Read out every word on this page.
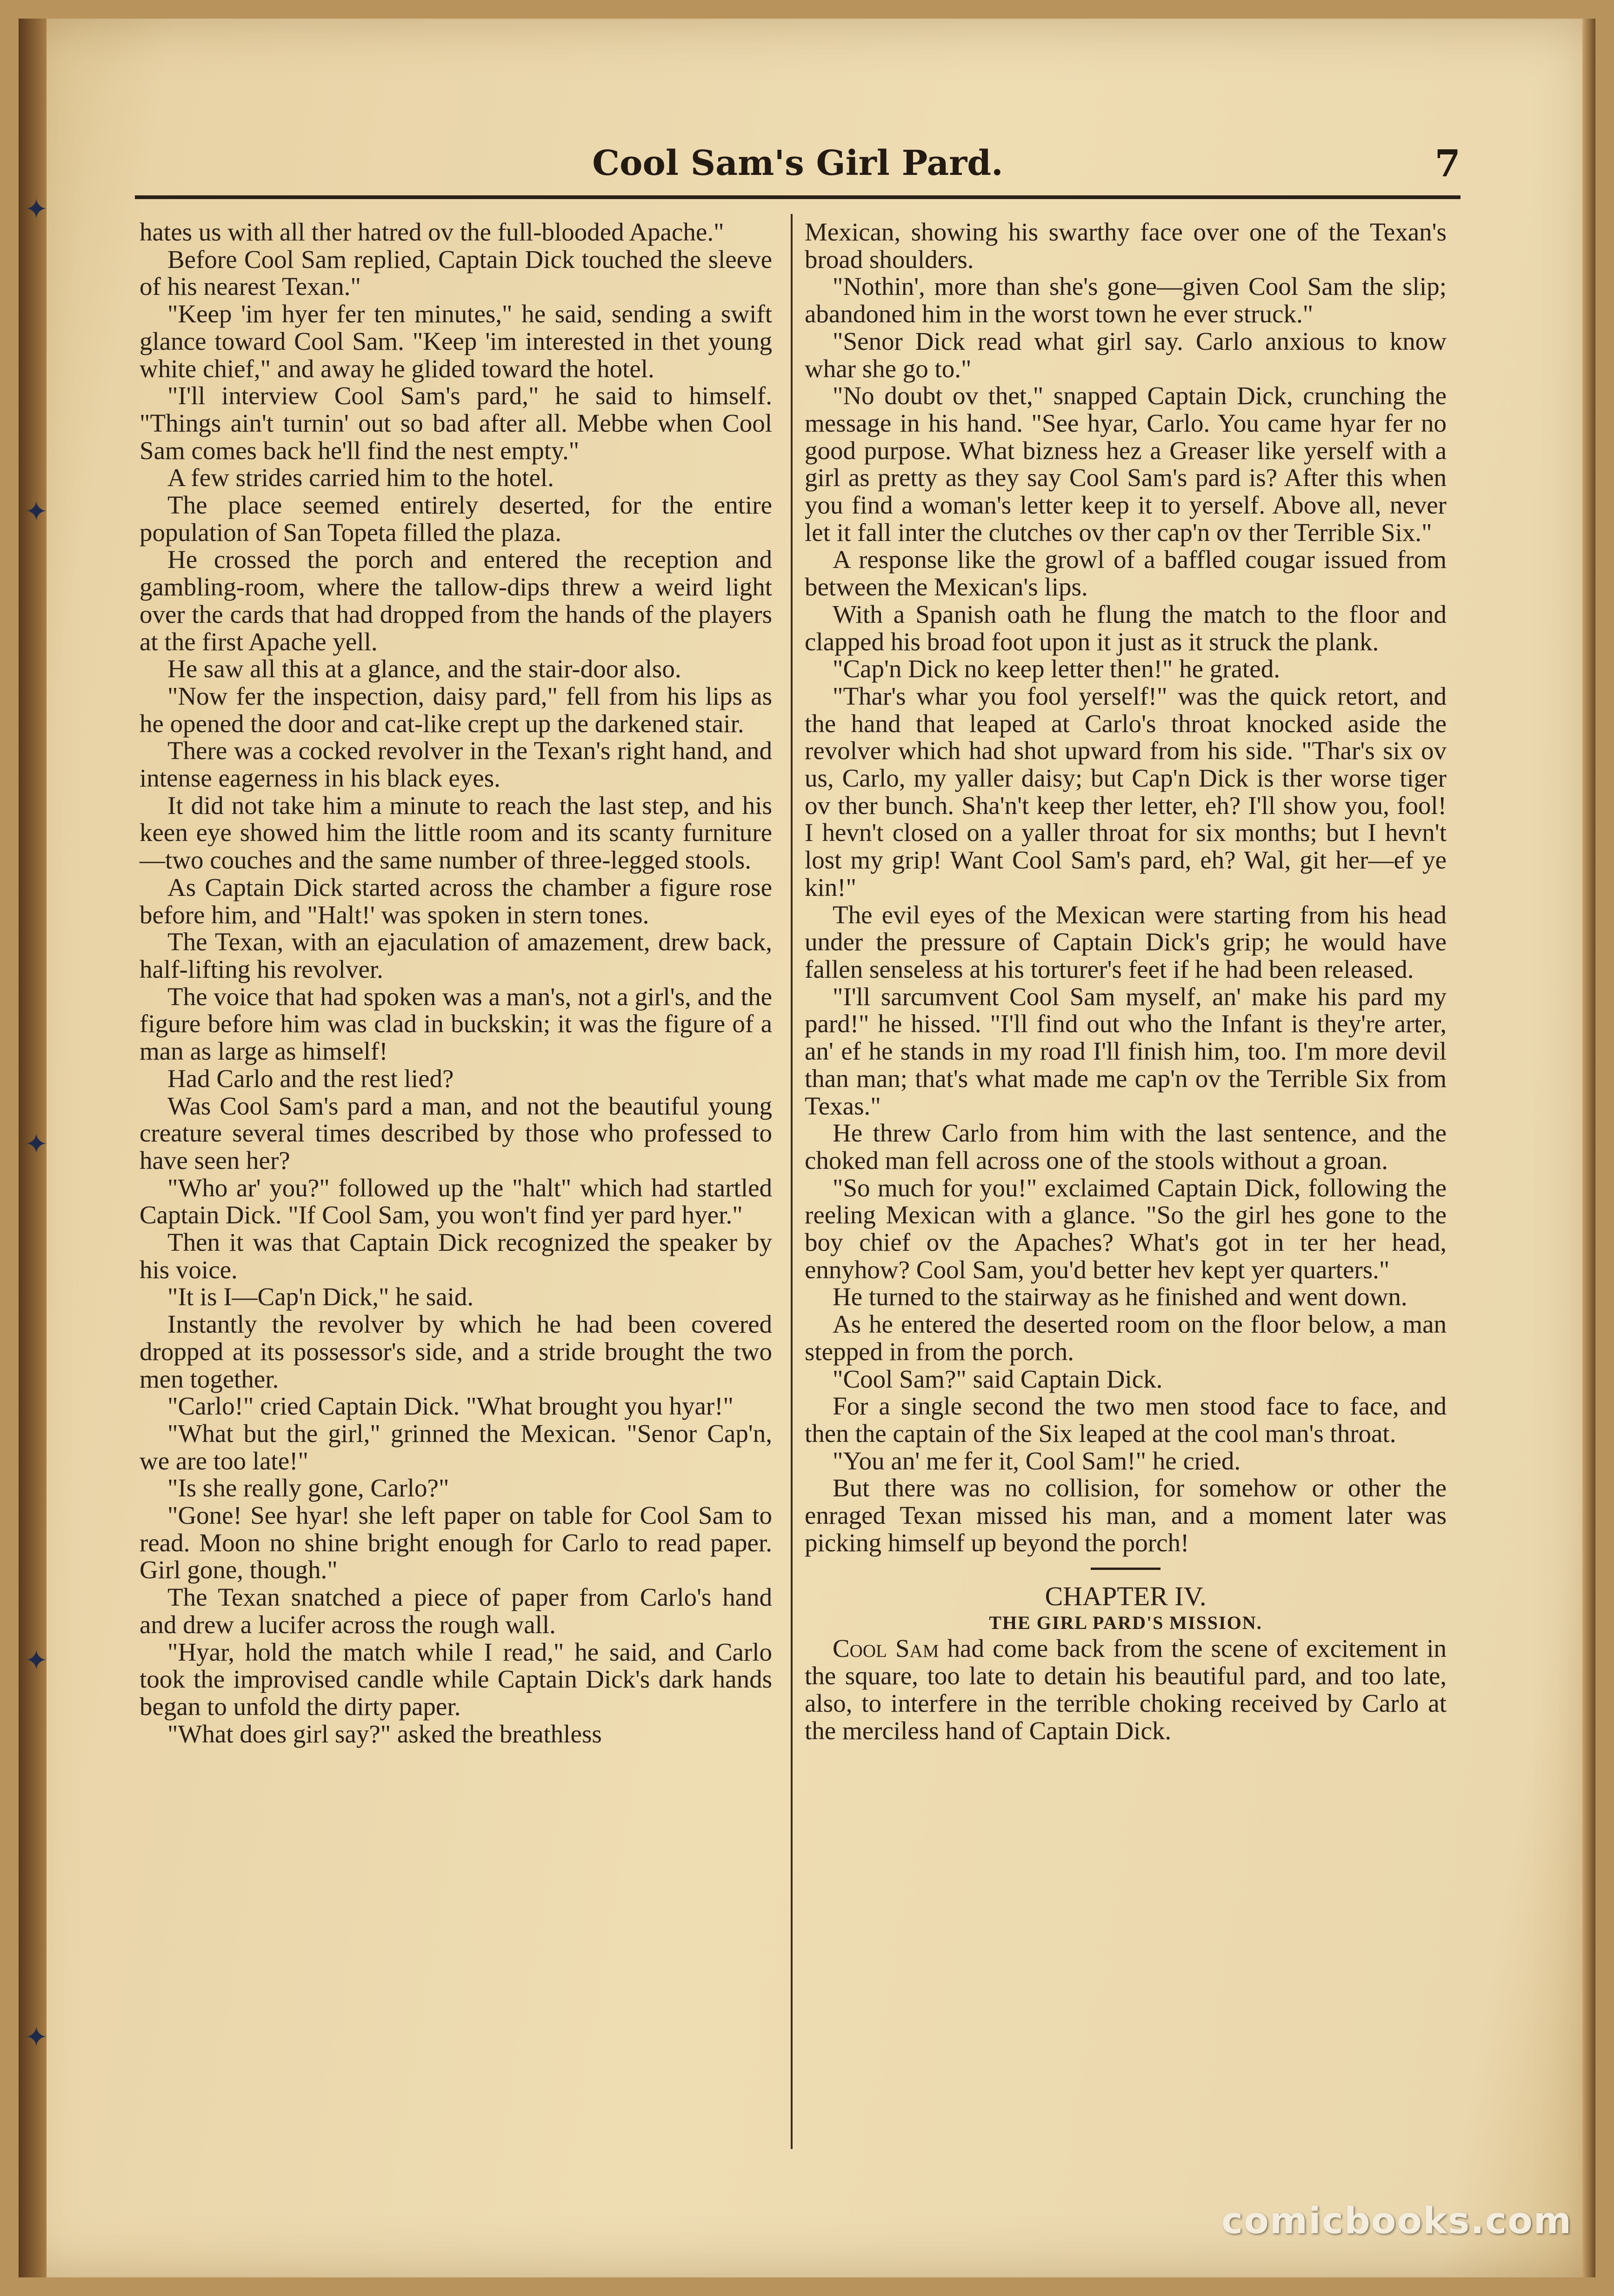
✦
✦
✦
✦
✦
Cool Sam's Girl Pard.	7

hates us with all ther hatred ov the full-blooded Apache."

Before Cool Sam replied, Captain Dick touched the sleeve of his nearest Texan."

"Keep 'im hyer fer ten minutes," he said, sending a swift glance toward Cool Sam. "Keep 'im interested in thet young white chief," and away he glided toward the hotel.

"I'll interview Cool Sam's pard," he said to himself. "Things ain't turnin' out so bad after all. Mebbe when Cool Sam comes back he'll find the nest empty."

A few strides carried him to the hotel.

The place seemed entirely deserted, for the entire population of San Topeta filled the plaza.

He crossed the porch and entered the reception and gambling-room, where the tallow-dips threw a weird light over the cards that had dropped from the hands of the players at the first Apache yell.

He saw all this at a glance, and the stair-door also.

"Now fer the inspection, daisy pard," fell from his lips as he opened the door and cat-like crept up the darkened stair.

There was a cocked revolver in the Texan's right hand, and intense eagerness in his black eyes.

It did not take him a minute to reach the last step, and his keen eye showed him the little room and its scanty furniture—two couches and the same number of three-legged stools.

As Captain Dick started across the chamber a figure rose before him, and "Halt!' was spoken in stern tones.

The Texan, with an ejaculation of amazement, drew back, half-lifting his revolver.

The voice that had spoken was a man's, not a girl's, and the figure before him was clad in buckskin; it was the figure of a man as large as himself!

Had Carlo and the rest lied?

Was Cool Sam's pard a man, and not the beautiful young creature several times described by those who professed to have seen her?

"Who ar' you?" followed up the "halt" which had startled Captain Dick. "If Cool Sam, you won't find yer pard hyer."

Then it was that Captain Dick recognized the speaker by his voice.

"It is I—Cap'n Dick," he said.

Instantly the revolver by which he had been covered dropped at its possessor's side, and a stride brought the two men together.

"Carlo!" cried Captain Dick. "What brought you hyar!"

"What but the girl," grinned the Mexican. "Senor Cap'n, we are too late!"

"Is she really gone, Carlo?"

"Gone! See hyar! she left paper on table for Cool Sam to read. Moon no shine bright enough for Carlo to read paper. Girl gone, though."

The Texan snatched a piece of paper from Carlo's hand and drew a lucifer across the rough wall.

"Hyar, hold the match while I read," he said, and Carlo took the improvised candle while Captain Dick's dark hands began to unfold the dirty paper.

"What does girl say?" asked the breathless

Mexican, showing his swarthy face over one of the Texan's broad shoulders.

"Nothin', more than she's gone—given Cool Sam the slip; abandoned him in the worst town he ever struck."

"Senor Dick read what girl say. Carlo anxious to know whar she go to."

"No doubt ov thet," snapped Captain Dick, crunching the message in his hand. "See hyar, Carlo. You came hyar fer no good purpose. What bizness hez a Greaser like yerself with a girl as pretty as they say Cool Sam's pard is? After this when you find a woman's letter keep it to yerself. Above all, never let it fall inter the clutches ov ther cap'n ov ther Terrible Six."

A response like the growl of a baffled cougar issued from between the Mexican's lips.

With a Spanish oath he flung the match to the floor and clapped his broad foot upon it just as it struck the plank.

"Cap'n Dick no keep letter then!" he grated.

"Thar's whar you fool yerself!" was the quick retort, and the hand that leaped at Carlo's throat knocked aside the revolver which had shot upward from his side. "Thar's six ov us, Carlo, my yaller daisy; but Cap'n Dick is ther worse tiger ov ther bunch. Sha'n't keep ther letter, eh? I'll show you, fool! I hevn't closed on a yaller throat for six months; but I hevn't lost my grip! Want Cool Sam's pard, eh? Wal, git her—ef ye kin!"

The evil eyes of the Mexican were starting from his head under the pressure of Captain Dick's grip; he would have fallen senseless at his torturer's feet if he had been released.

"I'll sarcumvent Cool Sam myself, an' make his pard my pard!" he hissed. "I'll find out who the Infant is they're arter, an' ef he stands in my road I'll finish him, too. I'm more devil than man; that's what made me cap'n ov the Terrible Six from Texas."

He threw Carlo from him with the last sentence, and the choked man fell across one of the stools without a groan.

"So much for you!" exclaimed Captain Dick, following the reeling Mexican with a glance. "So the girl hes gone to the boy chief ov the Apaches? What's got in ter her head, ennyhow? Cool Sam, you'd better hev kept yer quarters."

He turned to the stairway as he finished and went down.

As he entered the deserted room on the floor below, a man stepped in from the porch.

"Cool Sam?" said Captain Dick.

For a single second the two men stood face to face, and then the captain of the Six leaped at the cool man's throat.

"You an' me fer it, Cool Sam!" he cried.

But there was no collision, for somehow or other the enraged Texan missed his man, and a moment later was picking himself up beyond the porch!

CHAPTER IV.
THE GIRL PARD'S MISSION.

Cool Sam had come back from the scene of excitement in the square, too late to detain his beautiful pard, and too late, also, to interfere in the terrible choking received by Carlo at the merciless hand of Captain Dick.

comicbooks.com
